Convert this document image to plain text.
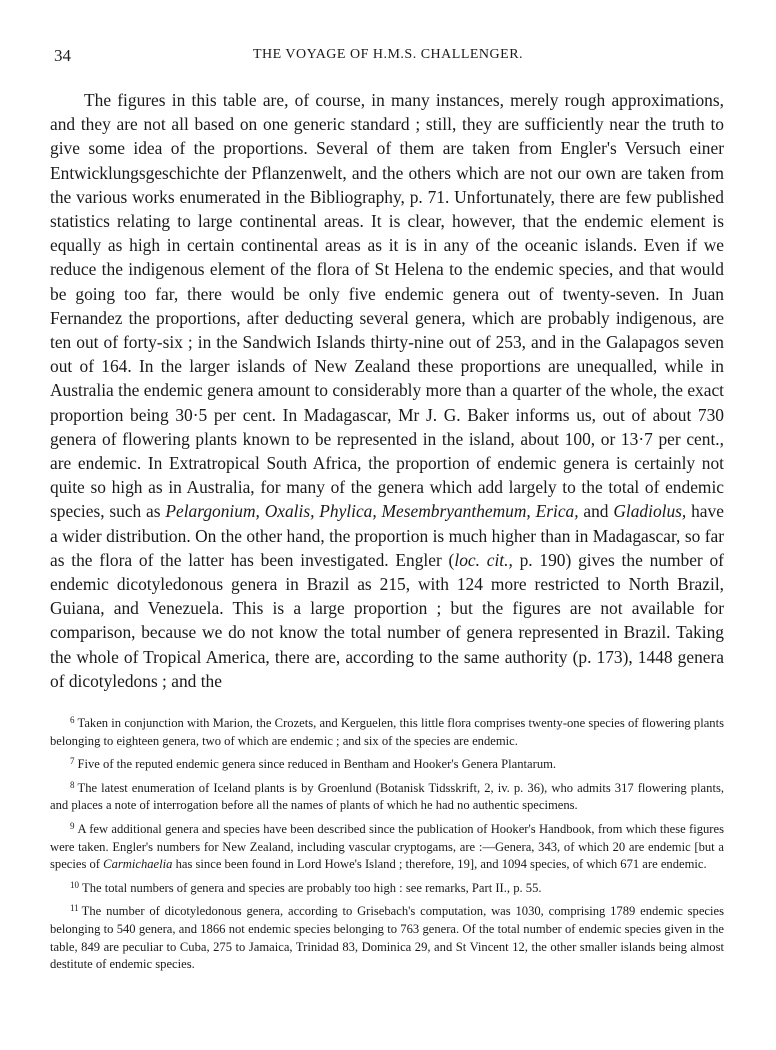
34	THE VOYAGE OF H.M.S. CHALLENGER.

The figures in this table are, of course, in many instances, merely rough approximations, and they are not all based on one generic standard ; still, they are sufficiently near the truth to give some idea of the proportions. Several of them are taken from Engler's Versuch einer Entwicklungsgeschichte der Pflanzenwelt, and the others which are not our own are taken from the various works enumerated in the Bibliography, p. 71. Unfortunately, there are few published statistics relating to large continental areas. It is clear, however, that the endemic element is equally as high in certain continental areas as it is in any of the oceanic islands. Even if we reduce the indigenous element of the flora of St Helena to the endemic species, and that would be going too far, there would be only five endemic genera out of twenty-seven. In Juan Fernandez the proportions, after deducting several genera, which are probably indigenous, are ten out of forty-six ; in the Sandwich Islands thirty-nine out of 253, and in the Galapagos seven out of 164. In the larger islands of New Zealand these proportions are unequalled, while in Australia the endemic genera amount to considerably more than a quarter of the whole, the exact proportion being 30·5 per cent. In Madagascar, Mr J. G. Baker informs us, out of about 730 genera of flowering plants known to be represented in the island, about 100, or 13·7 per cent., are endemic. In Extratropical South Africa, the proportion of endemic genera is certainly not quite so high as in Australia, for many of the genera which add largely to the total of endemic species, such as Pelargonium, Oxalis, Phylica, Mesembryanthemum, Erica, and Gladiolus, have a wider distribution. On the other hand, the proportion is much higher than in Madagascar, so far as the flora of the latter has been investigated. Engler (loc. cit., p. 190) gives the number of endemic dicotyledonous genera in Brazil as 215, with 124 more restricted to North Brazil, Guiana, and Venezuela. This is a large proportion ; but the figures are not available for comparison, because we do not know the total number of genera represented in Brazil. Taking the whole of Tropical America, there are, according to the same authority (p. 173), 1448 genera of dicotyledons ; and the

$^6$ Taken in conjunction with Marion, the Crozets, and Kerguelen, this little flora comprises twenty-one species of flowering plants belonging to eighteen genera, two of which are endemic ; and six of the species are endemic.

$^7$ Five of the reputed endemic genera since reduced in Bentham and Hooker's Genera Plantarum.

$^8$ The latest enumeration of Iceland plants is by Groenlund (Botanisk Tidsskrift, 2, iv. p. 36), who admits 317 flowering plants, and places a note of interrogation before all the names of plants of which he had no authentic specimens.

$^9$ A few additional genera and species have been described since the publication of Hooker's Handbook, from which these figures were taken. Engler's numbers for New Zealand, including vascular cryptogams, are :—Genera, 343, of which 20 are endemic [but a species of Carmichaelia has since been found in Lord Howe's Island ; therefore, 19], and 1094 species, of which 671 are endemic.

$^{10}$ The total numbers of genera and species are probably too high : see remarks, Part II., p. 55.

$^{11}$ The number of dicotyledonous genera, according to Grisebach's computation, was 1030, comprising 1789 endemic species belonging to 540 genera, and 1866 not endemic species belonging to 763 genera. Of the total number of endemic species given in the table, 849 are peculiar to Cuba, 275 to Jamaica, Trinidad 83, Dominica 29, and St Vincent 12, the other smaller islands being almost destitute of endemic species.
